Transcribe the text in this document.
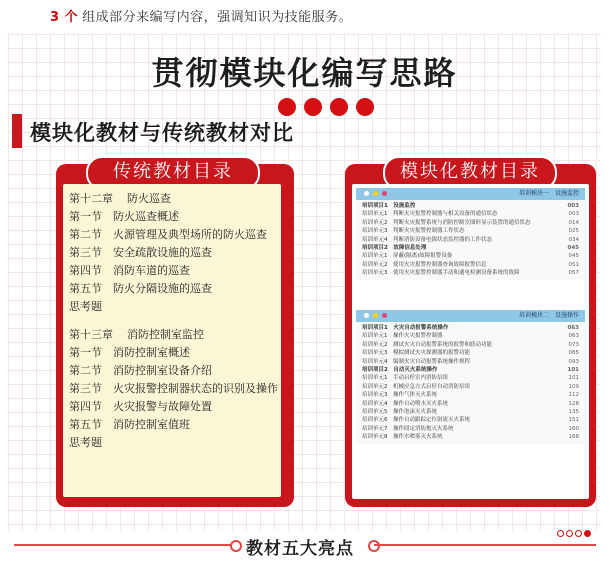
3 个 组成部分来编写内容，强调知识为技能服务。
贯彻模块化编写思路
模块化教材与传统教材对比
传统教材目录
第十二章 防火巡查
第一节 防火巡查概述
第二节 火源管理及典型场所的防火巡查
第三节 安全疏散设施的巡查
第四节 消防车道的巡查
第五节 防火分隔设施的巡查
思考题
第十三章 消防控制室监控
第一节 消防控制室概述
第二节 消防控制室设备介绍
第三节 火灾报警控制器状态的识别及操作
第四节 火灾报警与故障处置
第五节 消防控制室值班
思考题
模块化教材目录
培训模块一　设施监控
培训项目1　 设施监控	003
培训单元1　 判断火灾报警控制器与相关设备的通信状态	003
培训单元2　 判断火灾报警系统与消防控制室图形显示装置的通信状态	014
培训单元3　 判断火灾报警控制器工作状态	025
培训单元4　 判断消防设备电源状态监控器的工作状态	034
培训项目2　 故障信息处理	045
培训单元1　 屏蔽(隔离)故障报警设备	045
培训单元2　 使用火灾报警控制器查询故障报警信息	051
培训单元3　 使用火灾报警控制器手动和通电检测设备系统的故障	057
培训模块二　设施操作
培训项目1　 火灾自动报警系统操作	063
培训单元1　 操作火灾报警控制器	063
培训单元2　 测试火灾自动报警系统的报警和联动功能	073
培训单元3　 模拟测试火灾探测器的报警功能	085
培训单元4　 编制火灾自动报警系统操作规程	093
培训项目2　 自动灭火系统操作	101
培训单元1　 手动启停室内消防泵组	101
培训单元2　 机械应急方式启停自动消防泵组	109
培训单元3　 操作气体灭火系统	112
培训单元4　 操作自动喷水灭火系统	128
培训单元5　 操作泡沫灭火系统	135
培训单元6　 操作自动跟踪定位射流灭火系统	151
培训单元7　 操作固定消防炮灭火系统	160
培训单元8　 操作水喷雾灭火系统	168
教材五大亮点
